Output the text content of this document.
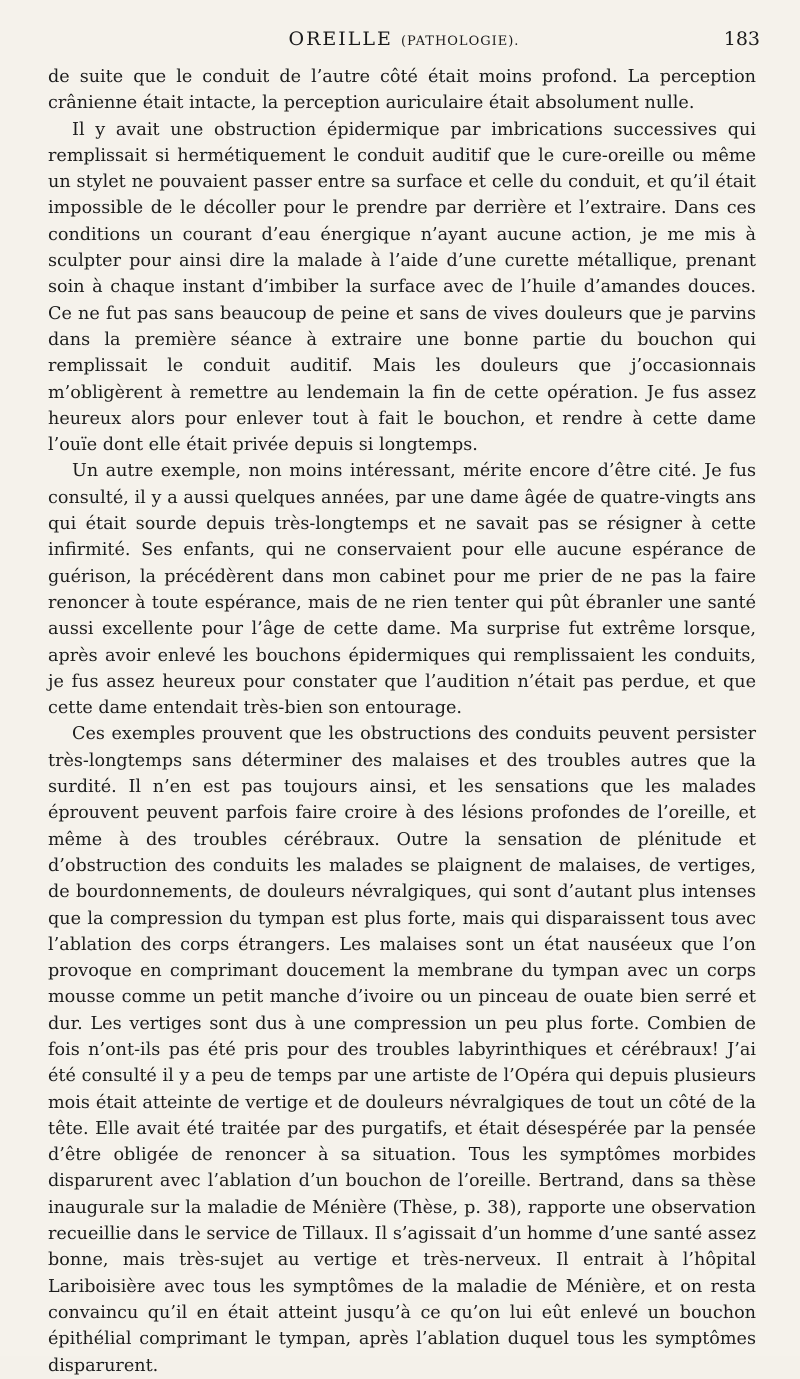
OREILLE (PATHOLOGIE).	183

de suite que le conduit de l’autre côté était moins profond. La perception crânienne était intacte, la perception auriculaire était absolument nulle.

Il y avait une obstruction épidermique par imbrications successives qui remplissait si hermétiquement le conduit auditif que le cure-oreille ou même un stylet ne pouvaient passer entre sa surface et celle du conduit, et qu’il était impossible de le décoller pour le prendre par derrière et l’extraire. Dans ces conditions un courant d’eau énergique n’ayant aucune action, je me mis à sculpter pour ainsi dire la malade à l’aide d’une curette métallique, prenant soin à chaque instant d’imbiber la surface avec de l’huile d’amandes douces. Ce ne fut pas sans beaucoup de peine et sans de vives douleurs que je parvins dans la première séance à extraire une bonne partie du bouchon qui remplissait le conduit auditif. Mais les douleurs que j’occasionnais m’obligèrent à remettre au lendemain la fin de cette opération. Je fus assez heureux alors pour enlever tout à fait le bouchon, et rendre à cette dame l’ouïe dont elle était privée depuis si longtemps.

Un autre exemple, non moins intéressant, mérite encore d’être cité. Je fus consulté, il y a aussi quelques années, par une dame âgée de quatre-vingts ans qui était sourde depuis très-longtemps et ne savait pas se résigner à cette infirmité. Ses enfants, qui ne conservaient pour elle aucune espérance de guérison, la précédèrent dans mon cabinet pour me prier de ne pas la faire renoncer à toute espérance, mais de ne rien tenter qui pût ébranler une santé aussi excellente pour l’âge de cette dame. Ma surprise fut extrême lorsque, après avoir enlevé les bouchons épidermiques qui remplissaient les conduits, je fus assez heureux pour constater que l’audition n’était pas perdue, et que cette dame entendait très-bien son entourage.

Ces exemples prouvent que les obstructions des conduits peuvent persister très-longtemps sans déterminer des malaises et des troubles autres que la surdité. Il n’en est pas toujours ainsi, et les sensations que les malades éprouvent peuvent parfois faire croire à des lésions profondes de l’oreille, et même à des troubles cérébraux. Outre la sensation de plénitude et d’obstruction des conduits les malades se plaignent de malaises, de vertiges, de bourdonnements, de douleurs névralgiques, qui sont d’autant plus intenses que la compression du tympan est plus forte, mais qui disparaissent tous avec l’ablation des corps étrangers. Les malaises sont un état nauséeux que l’on provoque en comprimant doucement la membrane du tympan avec un corps mousse comme un petit manche d’ivoire ou un pinceau de ouate bien serré et dur. Les vertiges sont dus à une compression un peu plus forte. Combien de fois n’ont-ils pas été pris pour des troubles labyrinthiques et cérébraux! J’ai été consulté il y a peu de temps par une artiste de l’Opéra qui depuis plusieurs mois était atteinte de vertige et de douleurs névralgiques de tout un côté de la tête. Elle avait été traitée par des purgatifs, et était désespérée par la pensée d’être obligée de renoncer à sa situation. Tous les symptômes morbides disparurent avec l’ablation d’un bouchon de l’oreille. Bertrand, dans sa thèse inaugurale sur la maladie de Ménière (Thèse, p. 38), rapporte une observation recueillie dans le service de Tillaux. Il s’agissait d’un homme d’une santé assez bonne, mais très-sujet au vertige et très-nerveux. Il entrait à l’hôpital Lariboisière avec tous les symptômes de la maladie de Ménière, et on resta convaincu qu’il en était atteint jusqu’à ce qu’on lui eût enlevé un bouchon épithélial comprimant le tympan, après l’ablation duquel tous les symptômes disparurent.
